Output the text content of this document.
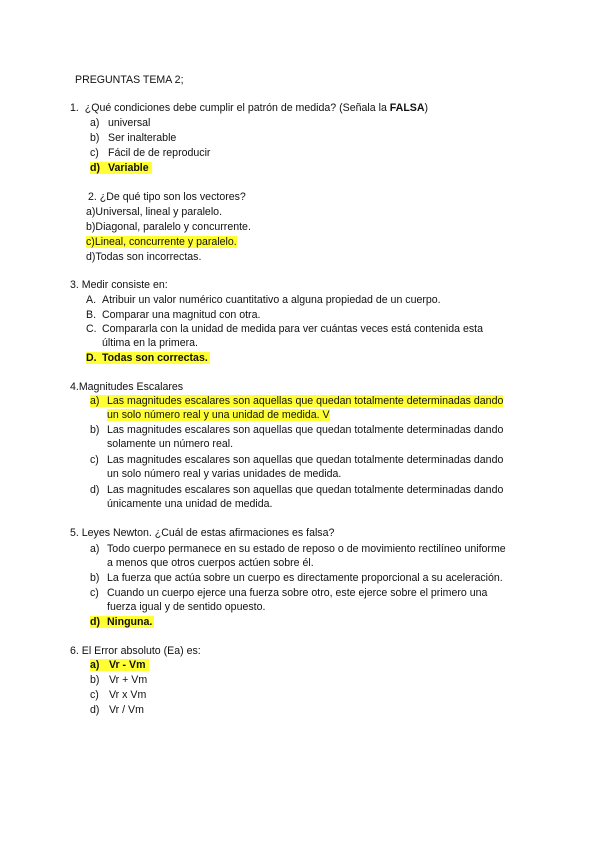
PREGUNTAS TEMA 2;
1. ¿Qué condiciones debe cumplir el patrón de medida? (Señala la FALSA)
a) universal
b) Ser inalterable
c) Fácil de de reproducir
d) Variable
2. ¿De qué tipo son los vectores?
a)Universal, lineal y paralelo.
b)Diagonal, paralelo y concurrente.
c)Lineal, concurrente y paralelo.
d)Todas son incorrectas.
3. Medir consiste en:
A. Atribuir un valor numérico cuantitativo a alguna propiedad de un cuerpo.
B. Comparar una magnitud con otra.
C. Compararla con la unidad de medida para ver cuántas veces está contenida esta
última en la primera.
D. Todas son correctas.
4.Magnitudes Escalares
a) Las magnitudes escalares son aquellas que quedan totalmente determinadas dando
un solo número real y una unidad de medida. V
b) Las magnitudes escalares son aquellas que quedan totalmente determinadas dando
solamente un número real.
c) Las magnitudes escalares son aquellas que quedan totalmente determinadas dando
un solo número real y varias unidades de medida.
d) Las magnitudes escalares son aquellas que quedan totalmente determinadas dando
únicamente una unidad de medida.
5. Leyes Newton. ¿Cuál de estas afirmaciones es falsa?
a) Todo cuerpo permanece en su estado de reposo o de movimiento rectilíneo uniforme
a menos que otros cuerpos actúen sobre él.
b) La fuerza que actúa sobre un cuerpo es directamente proporcional a su aceleración.
c) Cuando un cuerpo ejerce una fuerza sobre otro, este ejerce sobre el primero una
fuerza igual y de sentido opuesto.
d) Ninguna.
6. El Error absoluto (Ea) es:
a) Vr - Vm
b) Vr + Vm
c) Vr x Vm
d) Vr / Vm
